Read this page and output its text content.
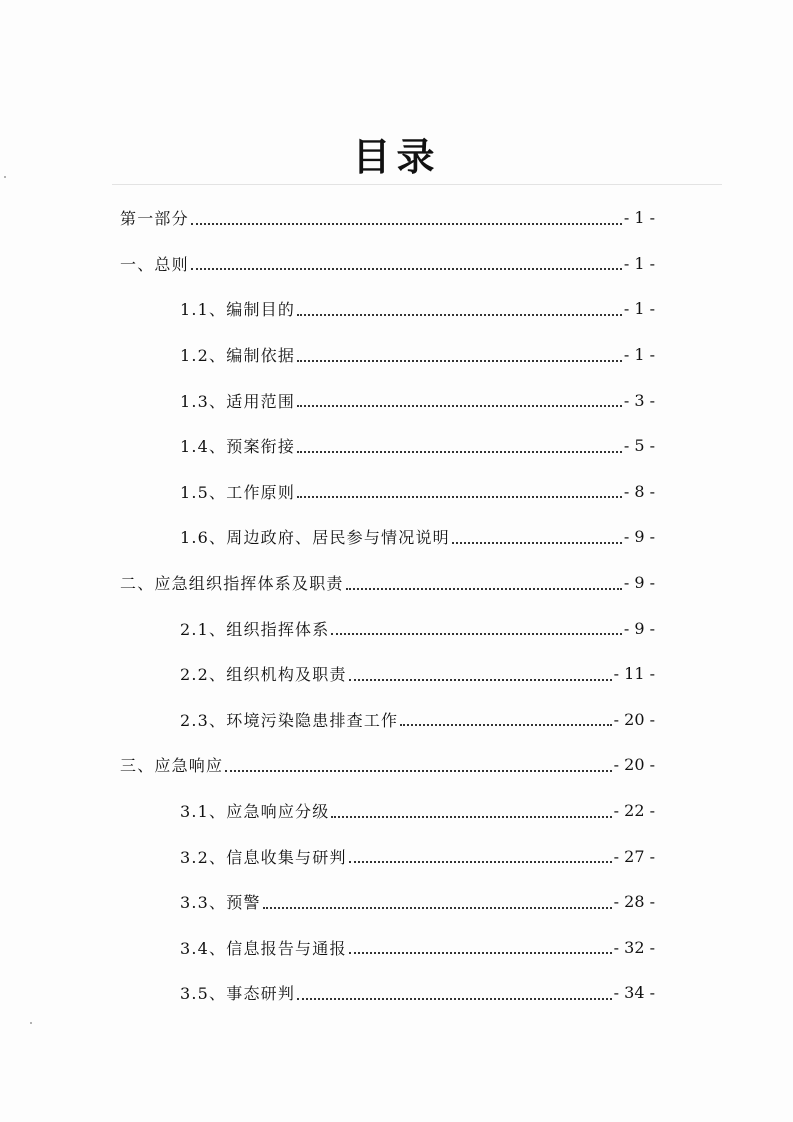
目录
第一部分	- 1 -
一、总则	- 1 -
1.1、编制目的	- 1 -
1.2、编制依据	- 1 -
1.3、适用范围	- 3 -
1.4、预案衔接	- 5 -
1.5、工作原则	- 8 -
1.6、周边政府、居民参与情况说明	- 9 -
二、应急组织指挥体系及职责	- 9 -
2.1、组织指挥体系	- 9 -
2.2、组织机构及职责	- 11 -
2.3、环境污染隐患排查工作	- 20 -
三、应急响应	- 20 -
3.1、应急响应分级	- 22 -
3.2、信息收集与研判	- 27 -
3.3、预警	- 28 -
3.4、信息报告与通报	- 32 -
3.5、事态研判	- 34 -
